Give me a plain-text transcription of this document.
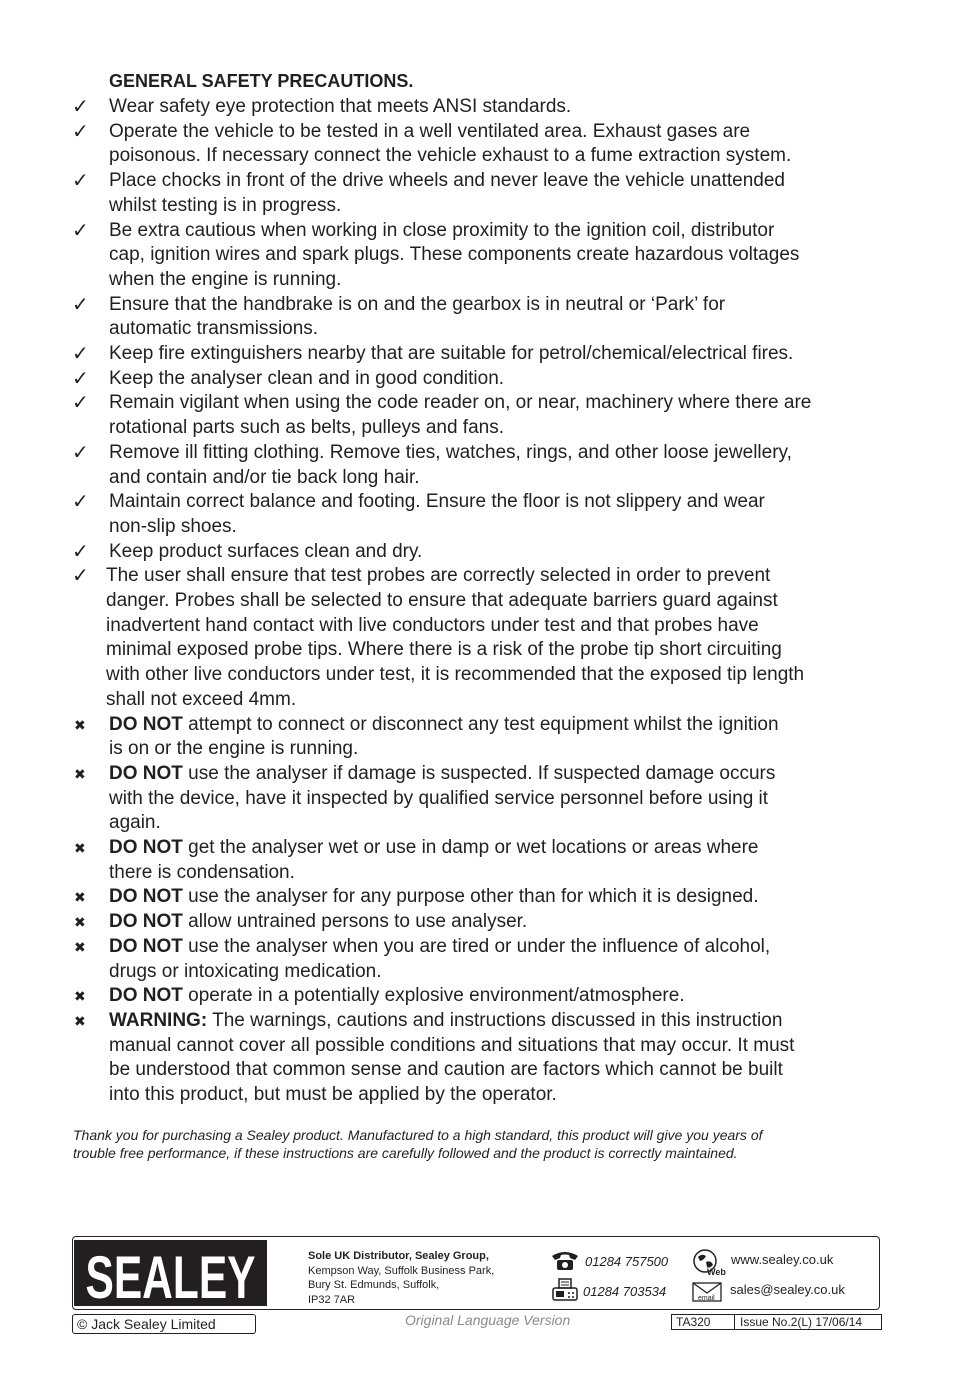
GENERAL SAFETY PRECAUTIONS.
✓	Wear safety eye protection that meets ANSI standards.
✓	Operate the vehicle to be tested in a well ventilated area. Exhaust gases are
poisonous. If necessary connect the vehicle exhaust to a fume extraction system.
✓	Place chocks in front of the drive wheels and never leave the vehicle unattended
whilst testing is in progress.
✓	Be extra cautious when working in close proximity to the ignition coil, distributor
cap, ignition wires and spark plugs. These components create hazardous voltages
when the engine is running.
✓	Ensure that the handbrake is on and the gearbox is in neutral or ‘Park’ for
automatic transmissions.
✓	Keep fire extinguishers nearby that are suitable for petrol/chemical/electrical fires.
✓	Keep the analyser clean and in good condition.
✓	Remain vigilant when using the code reader on, or near, machinery where there are
rotational parts such as belts, pulleys and fans.
✓	Remove ill fitting clothing. Remove ties, watches, rings, and other loose jewellery,
and contain and/or tie back long hair.
✓	Maintain correct balance and footing. Ensure the floor is not slippery and wear
non-slip shoes.
✓	Keep product surfaces clean and dry.
✓ The user shall ensure that test probes are correctly selected in order to prevent
danger. Probes shall be selected to ensure that adequate barriers guard against
inadvertent hand contact with live conductors under test and that probes have
minimal exposed probe tips. Where there is a risk of the probe tip short circuiting
with other live conductors under test, it is recommended that the exposed tip length
shall not exceed 4mm.
✖	DO NOT attempt to connect or disconnect any test equipment whilst the ignition
is on or the engine is running.
✖	DO NOT use the analyser if damage is suspected. If suspected damage occurs
with the device, have it inspected by qualified service personnel before using it
again.
✖	DO NOT get the analyser wet or use in damp or wet locations or areas where
there is condensation.
✖	DO NOT use the analyser for any purpose other than for which it is designed.
✖	DO NOT allow untrained persons to use analyser.
✖	DO NOT use the analyser when you are tired or under the influence of alcohol,
drugs or intoxicating medication.
✖	DO NOT operate in a potentially explosive environment/atmosphere.
✖	WARNING: The warnings, cautions and instructions discussed in this instruction
manual cannot cover all possible conditions and situations that may occur. It must
be understood that common sense and caution are factors which cannot be built
into this product, but must be applied by the operator.
Thank you for purchasing a Sealey product. Manufactured to a high standard, this product will give you years of
trouble free performance, if these instructions are carefully followed and the product is correctly maintained.
SEALEY	Sole UK Distributor, Sealey Group,
Kempson Way, Suffolk Business Park,
Bury St. Edmunds, Suffolk,
IP32 7AR
01284 757500
01284 703534
Web
www.sealey.co.uk
email
sales@sealey.co.uk
© Jack Sealey Limited	Original Language Version	TA320 Issue No.2(L) 17/06/14
